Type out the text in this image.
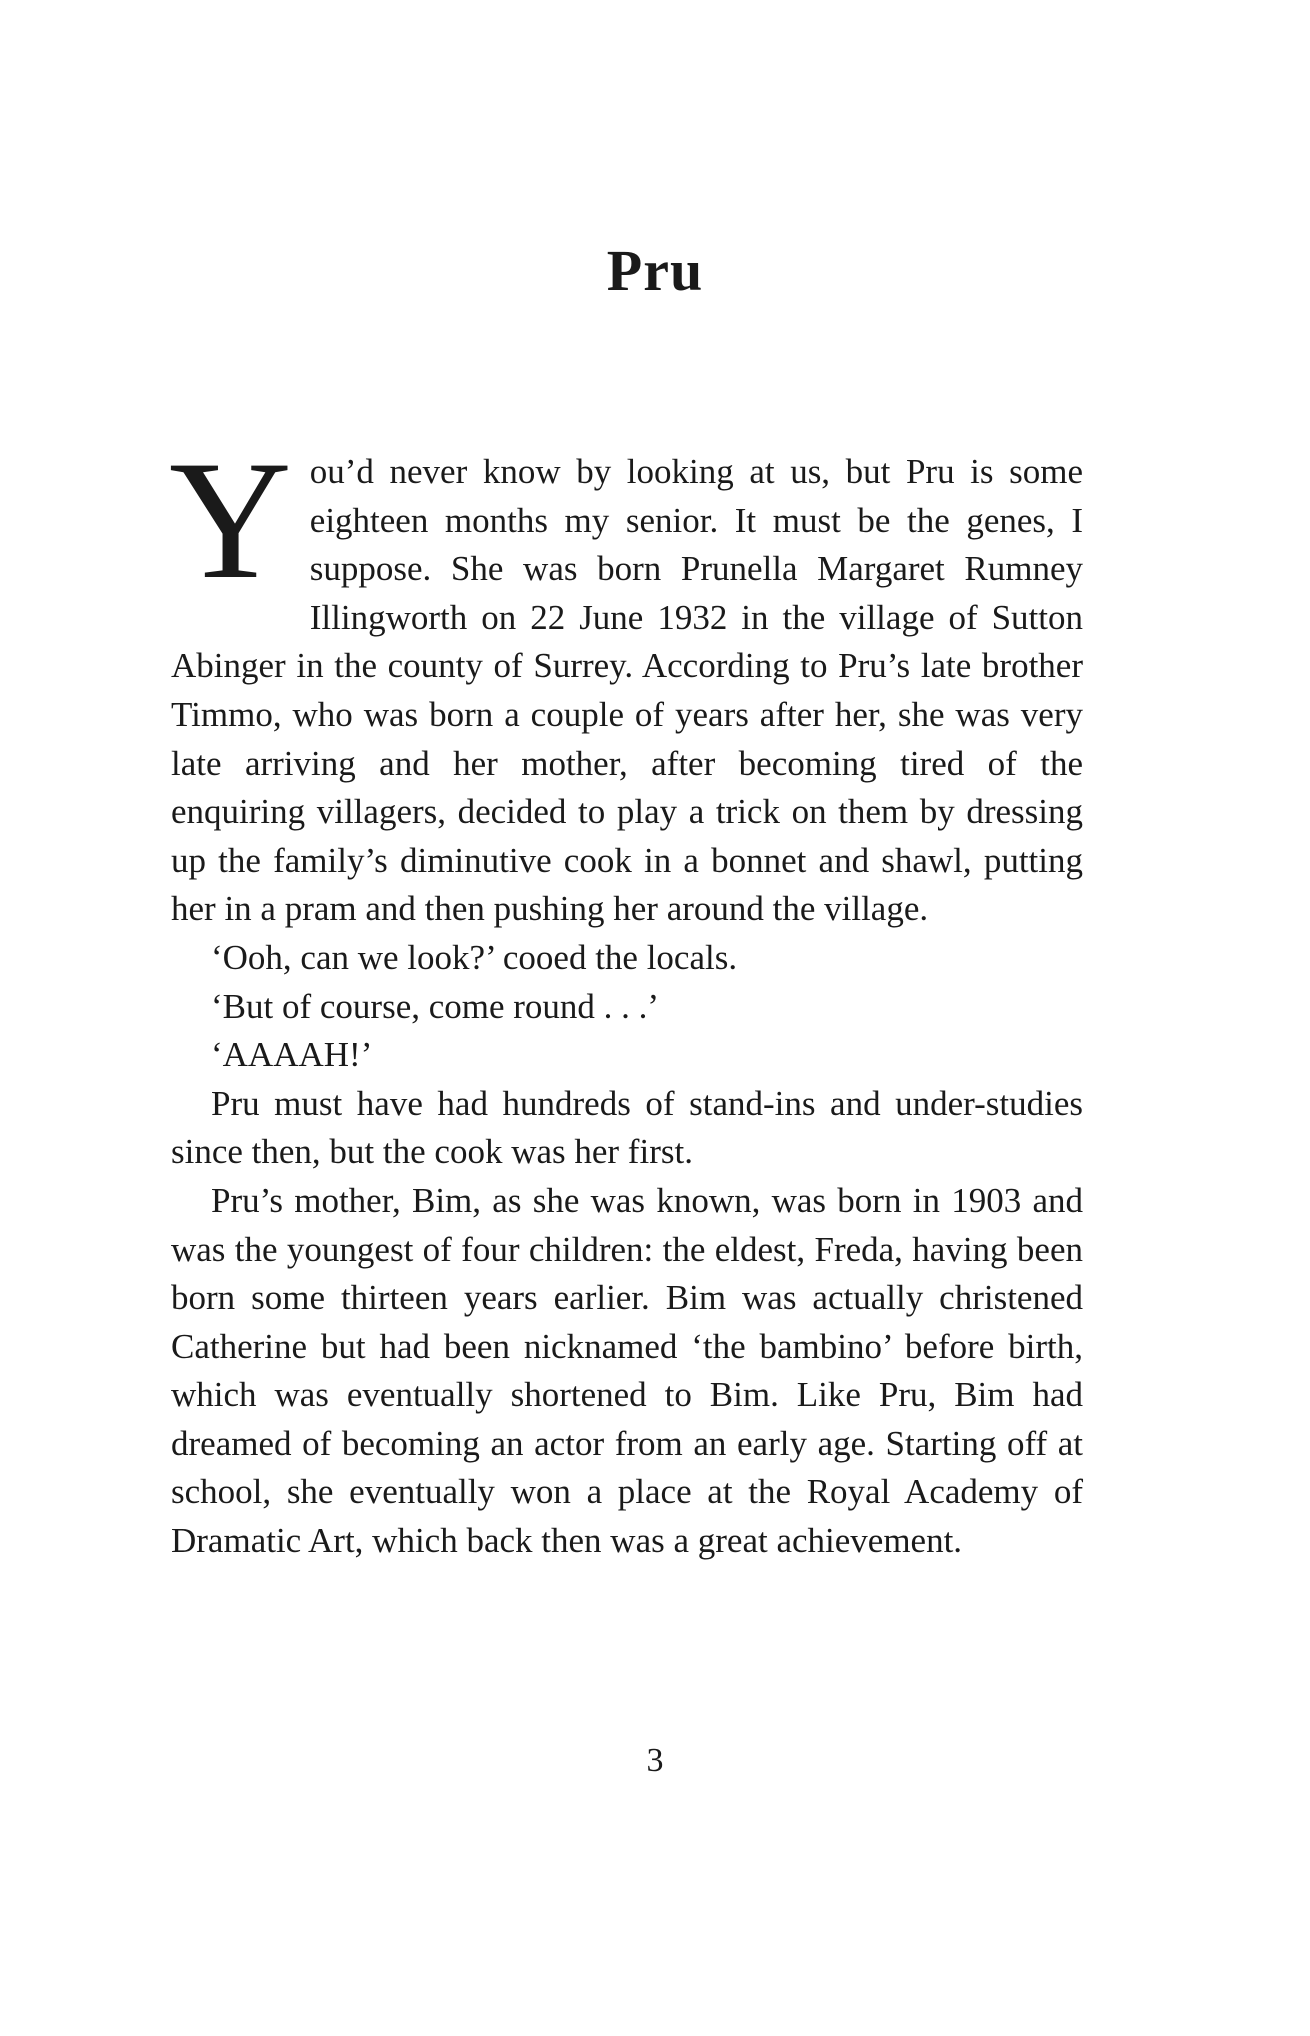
Pru

You’d never know by looking at us, but Pru is some eighteen months my senior. It must be the genes, I suppose. She was born Prunella Margaret Rumney Illingworth on 22 June 1932 in the village of Sutton Abinger in the county of Surrey. According to Pru’s late brother Timmo, who was born a couple of years after her, she was very late arriving and her mother, after becoming tired of the enquiring villagers, decided to play a trick on them by dressing up the family’s diminutive cook in a bonnet and shawl, putting her in a pram and then pushing her around the village.

‘Ooh, can we look?’ cooed the locals.

‘But of course, come round . . .’

‘AAAAH!’

Pru must have had hundreds of stand-ins and under-studies since then, but the cook was her first.

Pru’s mother, Bim, as she was known, was born in 1903 and was the youngest of four children: the eldest, Freda, having been born some thirteen years earlier. Bim was actually christened Catherine but had been nicknamed ‘the bambino’ before birth, which was eventually shortened to Bim. Like Pru, Bim had dreamed of becoming an actor from an early age. Starting off at school, she eventually won a place at the Royal Academy of Dramatic Art, which back then was a great achievement.

3
